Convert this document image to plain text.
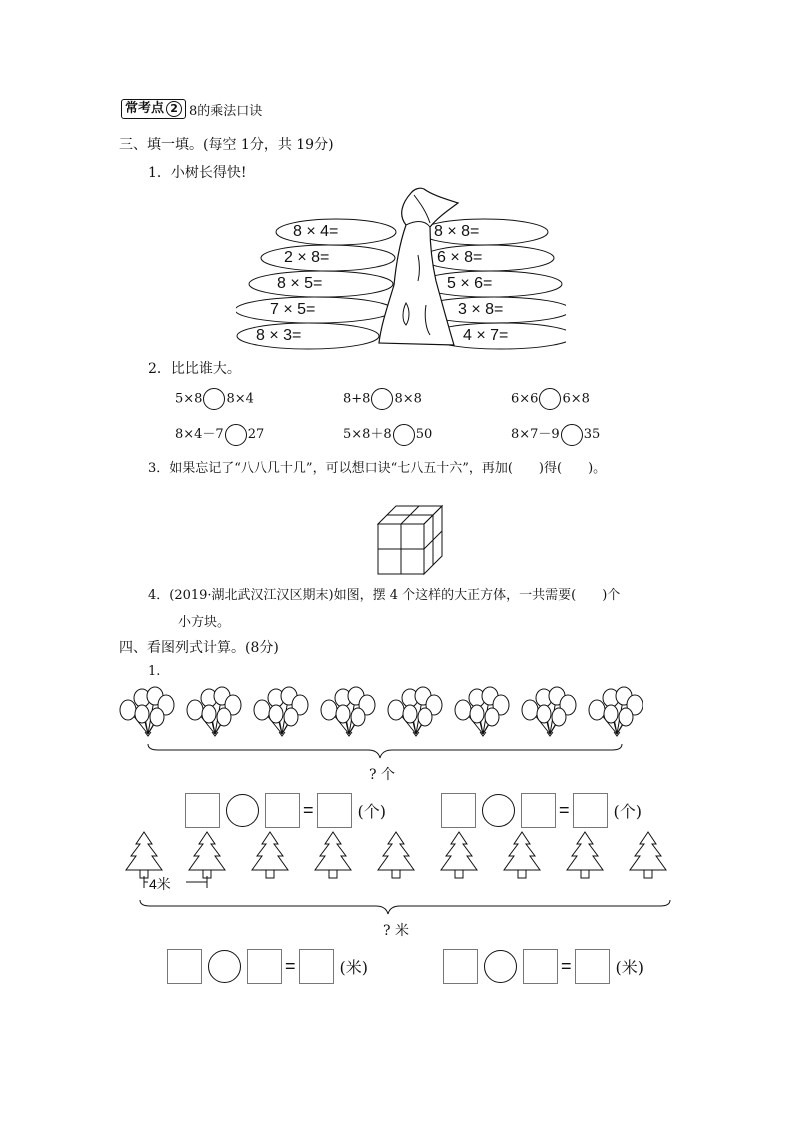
常考点 2 8的乘法口诀
三、填一填。(每空 1分，共 19分)
1．小树长得快!
8 × 4=
2 × 8=
8 × 5=
7 × 5=
8 × 3=
8 × 8=
6 × 8=
5 × 6=
3 × 8=
4 × 7=
2．比比谁大。
5×8 8×4	8+8 8×8	6×6 6×8
8×4－7 27	5×8＋8 50	8×7－9 35
3．如果忘记了“八八几十几”，可以想口诀“七八五十六”，再加(　　)得(　　)。
4．(2019·湖北武汉江汉区期末)如图，摆 4 个这样的大正方体，一共需要(　　)个
小方块。
四、看图列式计算。(8分)
1.
? 个
=	(个)	=	(个)
4米
? 米
=	(米)	=	(米)
